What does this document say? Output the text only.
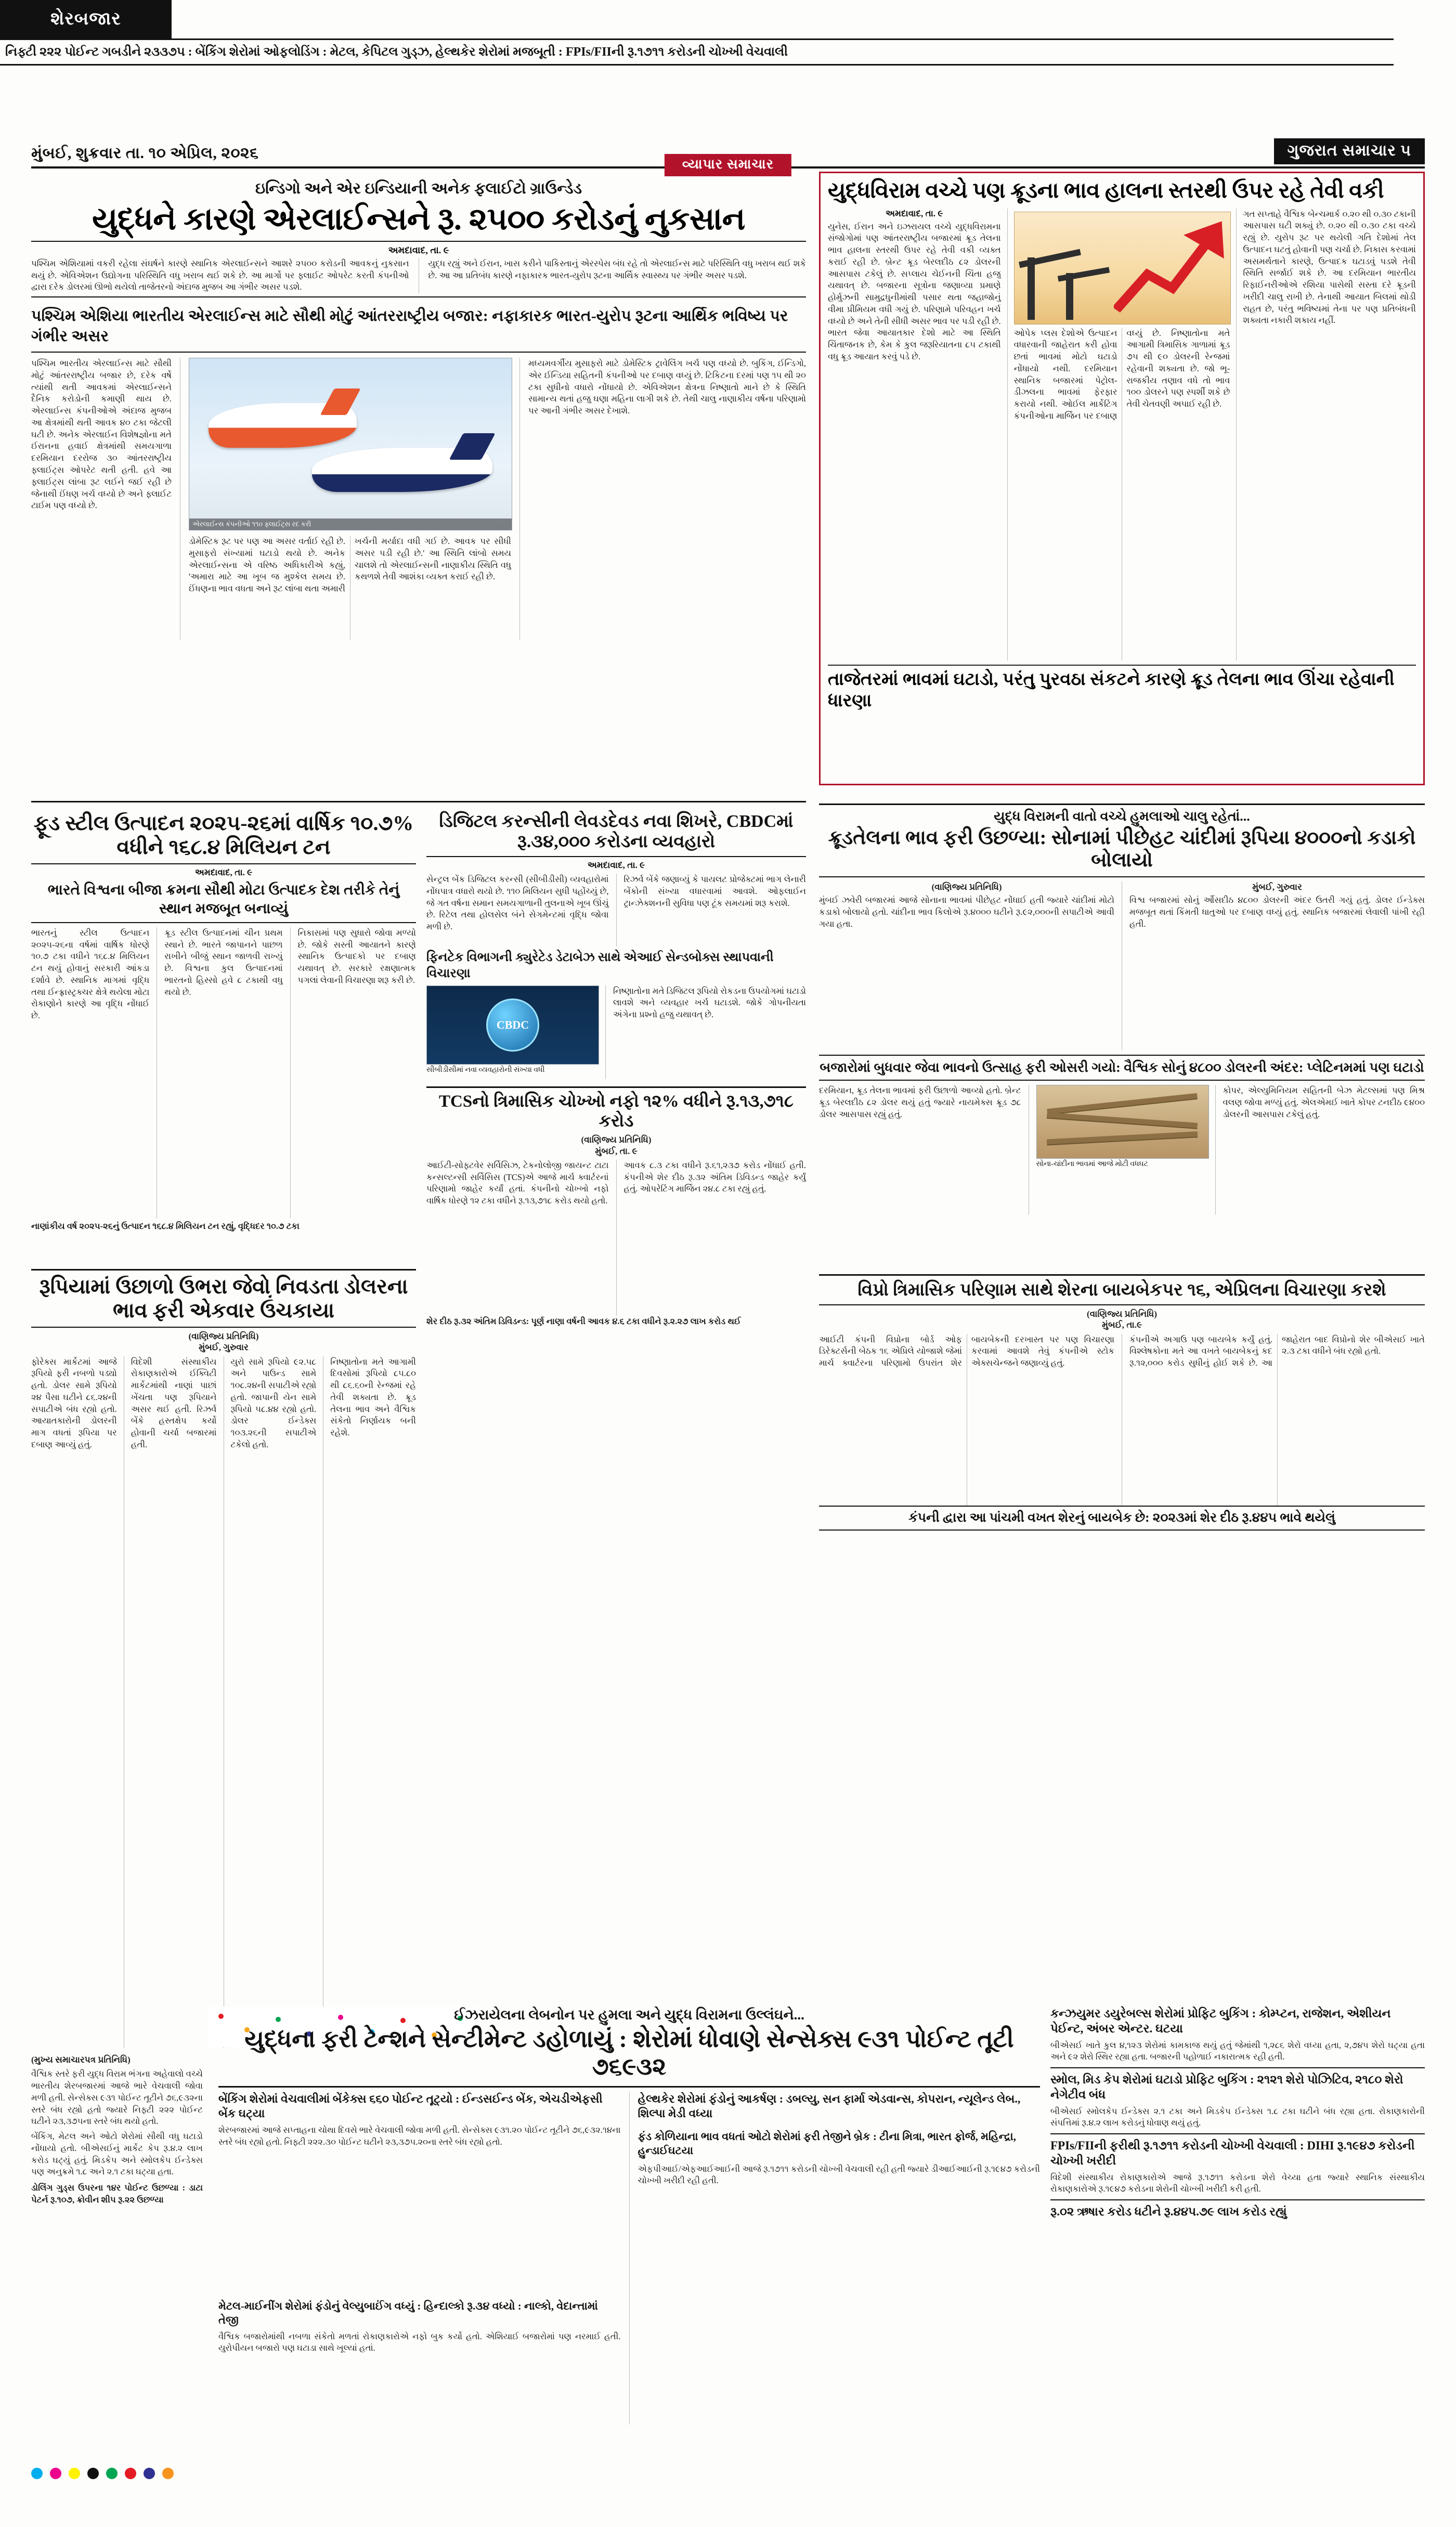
મુંબઈ, શુક્રવાર તા. ૧૦ એપ્રિલ, ૨૦૨૬	ગુજરાત સમાચાર ૫
વ્યાપાર સમાચાર
ઇન્ડિગો અને એર ઇન્ડિયાની અનેક ફલાઈટો ગ્રાઉન્ડેડ
યુદ્ધને કારણે એરલાઈન્સને રૂ. ૨૫૦૦ કરોડનું નુકસાન
અમદાવાદ, તા. ૯
પશ્ચિમ એશિયામાં વકરી રહેલા સંઘર્ષને કારણે સ્થાનિક એરલાઈન્સને આશરે ૨૫૦૦ કરોડની આવકનું નુકસાન થયું છે. એવિએશન ઉદ્યોગના પરિસ્થિતિ વધુ ખરાબ થઈ શકે છે. આ માર્ગો પર ફ્લાઈટ ઓપરેટ કરતી કંપનીઓ દ્વારા દરેક ડોલરમાં ઊભો થયેલો તાજેતરનો અંદાજ મુજબ આ ગંભીર અસર પડશે.
યુદ્ધ રહ્યું અને ઈરાન, ખાસ કરીને પાકિસ્તાનું એરસ્પેસ બંધ રહે તો એરલાઈન્સ માટે પરિસ્થિતિ વધુ ખરાબ થઈ શકે છે. આ આ પ્રતિબંધ કારણે નફાકારક ભારત-યુરોપ રૂટના આર્થિક સ્વાસ્થ્ય પર ગંભીર અસર પડશે.
પશ્ચિમ એશિયા ભારતીય એરલાઈન્સ માટે સૌથી મોટું આંતરરાષ્ટ્રીય બજાર: નફાકારક ભારત-યુરોપ રૂટના આર્થિક ભવિષ્ય પર ગંભીર અસર
પશ્ચિમ ભારતીય એરલાઈન્સ માટે સૌથી મોટું આંતરરાષ્ટ્રીય બજાર છે, દરેક વર્ષે ત્યાંથી થતી આવકમાં એરલાઈન્સને દૈનિક કરોડોની કમાણી થાય છે. એરલાઈન્સ કંપનીઓએ અંદાજ મુજબ આ ક્ષેત્રમાંથી થતી આવક ૪૦ ટકા જેટલી ઘટી છે. અનેક એરલાઈન વિશેષજ્ઞોના મતે ઈરાનના હવાઈ ક્ષેત્રમાંથી સમયગાળા દરમિયાન દરરોજ ૩૦ આંતરરાષ્ટ્રીય ફ્લાઈટ્સ ઓપરેટ થતી હતી. હવે આ ફ્લાઈટ્સ લાંબા રૂટ લઈને જઈ રહી છે જેનાથી ઈંધણ ખર્ચ વધ્યો છે અને ફ્લાઈટ ટાઈમ પણ વધ્યો છે.
એરલાઈન્સ કંપનીઓ ૧૧૦ ફ્લાઈટ્સ રદ કરી
ડોમેસ્ટિક રૂટ પર પણ આ અસર વર્તાઈ રહી છે. મુસાફરો સંખ્યામાં ઘટાડો થયો છે. અનેક એરલાઈન્સના એ વરિષ્ઠ અધિકારીએ કહ્યું, 'અમારા માટે આ ખૂબ જ મુશ્કેલ સમય છે. ઈંધણના ભાવ વધતા અને રૂટ લાંબા થતા અમારી ખર્ચની મર્યાદા વધી ગઈ છે. આવક પર સીધી અસર પડી રહી છે.' આ સ્થિતિ લાંબો સમય ચાલશે તો એરલાઈન્સની નાણાકીય સ્થિતિ વધુ કથળશે તેવી આશંકા વ્યક્ત કરાઈ રહી છે.
મધ્યમવર્ગીય મુસાફરો માટે ડોમેસ્ટિક ટ્રાવેલિંગ ખર્ચ પણ વધ્યો છે. બુકિંગ, ઈન્ડિગો, એર ઈન્ડિયા સહિતની કંપનીઓ પર દબાણ વધ્યું છે. ટિકિટના દરમાં પણ ૧૫ થી ૨૦ ટકા સુધીનો વધારો નોંધાયો છે. એવિએશન ક્ષેત્રના નિષ્ણાતો માને છે કે સ્થિતિ સામાન્ય થતાં હજુ ઘણા મહિના લાગી શકે છે. તેથી ચાલુ નાણાકીય વર્ષના પરિણામો પર આની ગંભીર અસર દેખાશે.
યુદ્ધવિરામ વચ્ચે પણ ક્રૂડના ભાવ હાલના સ્તરથી ઉપર રહે તેવી વકી
અમદાવાદ, તા. ૯
યુનેસ, ઈરાન અને ઇઝરાયલ વચ્ચે યુદ્ધવિરામના સંજોગોમાં પણ આંતરરાષ્ટ્રીય બજારમાં ક્રૂડ તેલના ભાવ હાલના સ્તરથી ઉપર રહે તેવી વકી વ્યક્ત કરાઈ રહી છે. બ્રેન્ટ ક્રૂડ બેરલદીઠ ૮૨ ડોલરની આસપાસ ટકેલું છે. સપ્લાય ચેઈનની ચિંતા હજુ યથાવત્ છે. બજારના સૂત્રોના જણાવ્યા પ્રમાણે હોર્મુઝની સામુદ્રધુનીમાંથી પસાર થતા જહાજોનું વીમા પ્રીમિયમ વધી ગયું છે. પરિણામે પરિવહન ખર્ચ વધ્યો છે અને તેની સીધી અસર ભાવ પર પડી રહી છે. ભારત જેવા આયાતકાર દેશો માટે આ સ્થિતિ ચિંતાજનક છે, કેમ કે કુલ જરૂરિયાતના ૮૫ ટકાથી વધુ ક્રૂડ આયાત કરવું પડે છે.
ઓપેક પ્લસ દેશોએ ઉત્પાદન વધારવાની જાહેરાત કરી હોવા છતાં ભાવમાં મોટો ઘટાડો નોંધાયો નથી. દરમિયાન સ્થાનિક બજારમાં પેટ્રોલ-ડીઝલના ભાવમાં ફેરફાર કરાયો નથી. ઓઈલ માર્કેટિંગ કંપનીઓના માર્જિન પર દબાણ વધ્યું છે. નિષ્ણાતોના મતે આગામી ત્રિમાસિક ગાળામાં ક્રૂડ ૭૫ થી ૯૦ ડોલરની રેન્જમાં રહેવાની શક્યતા છે. જો ભૂ-રાજકીય તણાવ વધે તો ભાવ ૧૦૦ ડોલરને પણ સ્પર્શી શકે છે તેવી ચેતવણી અપાઈ રહી છે.
ગત સપ્તાહે વૈશ્વિક બેન્ચમાર્ક ૦.૨૦ થી ૦.૩૦ ટકાની આસપાસ ઘટી શક્યું છે. ૦.૨૦ થી ૦.૩૦ ટકા વચ્ચે રહ્યું છે. યુરોપ રૂટ પર થયેલી ગતિ દેશોમાં તેલ ઉત્પાદન ઘટતું હોવાની પણ ચર્ચા છે. નિકાસ કરવામાં અસમર્થતાને કારણે, ઉત્પાદક ઘટાડવું પડશે તેવી સ્થિતિ સર્જાઈ શકે છે. આ દરમિયાન ભારતીય રિફાઈનરીઓએ રશિયા પાસેથી સસ્તા દરે ક્રૂડની ખરીદી ચાલુ રાખી છે. તેનાથી આયાત બિલમાં થોડી રાહત છે, પરંતુ ભવિષ્યમાં તેના પર પણ પ્રતિબંધની શક્યતા નકારી શકાય નહીં.
તાજેતરમાં ભાવમાં ઘટાડો, પરંતુ પુરવઠા સંકટને કારણે ક્રૂડ તેલના ભાવ ઊંચા રહેવાની ધારણા
ફૂડ સ્ટીલ ઉત્પાદન ૨૦૨૫-૨૬માં વાર્ષિક ૧૦.૭% વધીને ૧૬૮.૪ મિલિયન ટન
અમદાવાદ, તા. ૯
ભારતે વિશ્વના બીજા ક્રમના સૌથી મોટા ઉત્પાદક દેશ તરીકે તેનું સ્થાન મજબૂત બનાવ્યું
ભારતનું સ્ટીલ ઉત્પાદન ૨૦૨૫-૨૬ના વર્ષમાં વાર્ષિક ધોરણે ૧૦.૭ ટકા વધીને ૧૬૮.૪ મિલિયન ટન થયું હોવાનું સરકારી આંકડા દર્શાવે છે. સ્થાનિક માગમાં વૃદ્ધિ તથા ઈન્ફ્રાસ્ટ્રક્ચર ક્ષેત્રે થયેલા મોટા રોકાણોને કારણે આ વૃદ્ધિ નોંધાઈ છે.
ક્રૂડ સ્ટીલ ઉત્પાદનમાં ચીન પ્રથમ સ્થાને છે. ભારતે જાપાનને પાછળ રાખીને બીજું સ્થાન જાળવી રાખ્યું છે. વિશ્વના કુલ ઉત્પાદનમાં ભારતનો હિસ્સો હવે ૮ ટકાથી વધુ થયો છે.
નિકાસમાં પણ સુધારો જોવા મળ્યો છે. જોકે સસ્તી આયાતને કારણે સ્થાનિક ઉત્પાદકો પર દબાણ યથાવત્ છે. સરકારે રક્ષણાત્મક પગલાં લેવાની વિચારણા શરૂ કરી છે.
નાણાંકીય વર્ષ ૨૦૨૫-૨૬નું ઉત્પાદન ૧૬૮.૪ મિલિયન ટન રહ્યું, વૃદ્ધિદર ૧૦.૭ ટકા
ડિજિટલ કરન્સીની લેવડદેવડ નવા શિખરે, CBDCમાં રૂ.૩૪,૦૦૦ કરોડના વ્યવહારો
અમદાવાદ, તા. ૯
સેન્ટ્રલ બેંક ડિજિટલ કરન્સી (સીબીડીસી) વ્યવહારોમાં નોંધપાત્ર વધારો થયો છે. ૧૧૦ મિલિયન સુધી પહોંચ્યું છે, જે ગત વર્ષના સમાન સમયગાળાની તુલનાએ ખૂબ ઊંચું છે. રિટેલ તથા હોલસેલ બંને સેગમેન્ટમાં વૃદ્ધિ જોવા મળી છે.
રિઝર્વ બેંકે જણાવ્યું કે પાયલટ પ્રોજેક્ટમાં ભાગ લેનારી બેંકોની સંખ્યા વધારવામાં આવશે. ઓફલાઈન ટ્રાન્ઝેક્શનની સુવિધા પણ ટૂંક સમયમાં શરૂ કરાશે.
ફિનટેક વિભાગની ક્યુરેટેડ ડેટાબેઝ સાથે એઆઈ સેન્ડબોક્સ સ્થાપવાની વિચારણા
CBDC
સીબીડીસીમાં નવા વ્યવહારોની સંખ્યા વધી
નિષ્ણાતોના મતે ડિજિટલ રૂપિયો રોકડના ઉપયોગમાં ઘટાડો લાવશે અને વ્યવહાર ખર્ચ ઘટાડશે. જોકે ગોપનીયતા અંગેના પ્રશ્નો હજુ યથાવત્ છે.
TCSનો ત્રિમાસિક ચોખ્ખો નફો ૧૨% વધીને રૂ.૧૩,૭૧૮ કરોડ
(વાણિજ્ય પ્રતિનિધિ)
મુંબઈ, તા. ૯
આઈટી-સોફ્ટવેર સર્વિસિઝ, ટેકનોલોજી જાયન્ટ ટાટા કન્સલ્ટન્સી સર્વિસિસ (TCS)એ આજે માર્ચ ક્વાર્ટરનાં પરિણામો જાહેર કર્યાં હતાં. કંપનીનો ચોખ્ખો નફો વાર્ષિક ધોરણે ૧૨ ટકા વધીને રૂ.૧૩,૭૧૮ કરોડ થયો હતો.
આવક ૮.૩ ટકા વધીને રૂ.૬૧,૨૩૭ કરોડ નોંધાઈ હતી. કંપનીએ શેર દીઠ રૂ.૩૨ અંતિમ ડિવિડન્ડ જાહેર કર્યું હતું. ઓપરેટિંગ માર્જિન ૨૪.૮ ટકા રહ્યું હતું.
શેર દીઠ રૂ.૩૨ અંતિમ ડિવિડન્ડ: પૂર્ણ નાણા વર્ષની આવક ૪.૬ ટકા વધીને રૂ.૨.૨૭ લાખ કરોડ થઈ
યુદ્ધ વિરામની વાતો વચ્ચે હુમલાઓ ચાલુ રહેતાં...
ક્રૂડતેલના ભાવ ફરી ઉછળ્યા: સોનામાં પીછેહટ ચાંદીમાં રૂપિયા ૪૦૦૦નો કડાકો બોલાયો
(વાણિજ્ય પ્રતિનિધિ)
મુંબઈ ઝવેરી બજારમાં આજે સોનાના ભાવમાં પીછેહટ નોંધાઈ હતી જ્યારે ચાંદીમાં મોટો કડાકો બોલાયો હતો. ચાંદીના ભાવ કિલોએ રૂ.૪૦૦૦ ઘટીને રૂ.૯૨,૦૦૦ની સપાટીએ આવી ગયા હતા.
મુંબઈ, ગુરુવાર
વિશ્વ બજારમાં સોનું ઔંસદીઠ ૪૮૦૦ ડોલરની અંદર ઉતરી ગયું હતું. ડોલર ઈન્ડેક્સ મજબૂત થતાં કિંમતી ધાતુઓ પર દબાણ વધ્યું હતું. સ્થાનિક બજારમાં લેવાલી પાંખી રહી હતી.
બજારોમાં બુધવાર જેવા ભાવનો ઉત્સાહ ફરી ઓસરી ગયો: વૈશ્વિક સોનું ૪૮૦૦ ડોલરની અંદર: પ્લેટિનમમાં પણ ઘટાડો
દરમિયાન, ક્રૂડ તેલના ભાવમાં ફરી ઉછાળો આવ્યો હતો. બ્રેન્ટ ક્રૂડ બેરલદીઠ ૮૨ ડોલર થયું હતું જ્યારે નાયમેક્સ ક્રૂડ ૭૮ ડોલર આસપાસ રહ્યું હતું.
સોના-ચાંદીના ભાવમાં આજે મોટી વધઘટ
કોપર, એલ્યુમિનિયમ સહિતની બેઝ મેટલ્સમાં પણ મિશ્ર વલણ જોવા મળ્યું હતું. એલએમઈ ખાતે કોપર ટનદીઠ ૯૪૦૦ ડોલરની આસપાસ ટકેલું હતું.
રૂપિયામાં ઉછાળો ઉભરા જેવો નિવડતા ડોલરના ભાવ ફરી એકવાર ઉંચકાયા
(વાણિજ્ય પ્રતિનિધિ)
મુંબઈ, ગુરુવાર
ફોરેક્સ માર્કેટમાં આજે રૂપિયો ફરી નબળો પડ્યો હતો. ડોલર સામે રૂપિયો ૨૪ પૈસા ઘટીને ૮૬.૨૪ની સપાટીએ બંધ રહ્યો હતો. આયાતકારોની ડોલરની માગ વધતાં રૂપિયા પર દબાણ આવ્યું હતું.
વિદેશી સંસ્થાકીય રોકાણકારોએ ઈક્વિટી માર્કેટમાંથી નાણાં પાછાં ખેંચતા પણ રૂપિયાને અસર થઈ હતી. રિઝર્વ બેંકે હસ્તક્ષેપ કર્યો હોવાની ચર્ચા બજારમાં હતી.
યુરો સામે રૂપિયો ૯૨.૫૮ અને પાઉન્ડ સામે ૧૦૮.૨૪ની સપાટીએ રહ્યો હતો. જાપાની યેન સામે રૂપિયો ૫૮.૪૪ રહ્યો હતો. ડોલર ઈન્ડેક્સ ૧૦૩.૨૬ની સપાટીએ ટકેલો હતો.
નિષ્ણાતોના મતે આગામી દિવસોમાં રૂપિયો ૮૫.૮૦ થી ૮૬.૬૦ની રેન્જમાં રહે તેવી શક્યતા છે. ક્રૂડ તેલના ભાવ અને વૈશ્વિક સંકેતો નિર્ણાયક બની રહેશે.
વિપ્રો ત્રિમાસિક પરિણામ સાથે શેરના બાયબેકપર ૧૬, એપ્રિલના વિચારણા કરશે
(વાણિજ્ય પ્રતિનિધિ)
મુંબઈ, તા.૯
આઈટી કંપની વિપ્રોના બોર્ડ ઓફ ડિરેક્ટર્સની બેઠક ૧૬ એપ્રિલે યોજાશે જેમાં માર્ચ ક્વાર્ટરના પરિણામો ઉપરાંત શેર બાયબેકની દરખાસ્ત પર પણ વિચારણા કરવામાં આવશે તેવું કંપનીએ સ્ટોક એક્સચેન્જને જણાવ્યું હતું.
કંપનીએ અગાઉ પણ બાયબેક કર્યું હતું. વિશ્લેષકોના મતે આ વખતે બાયબેકનું કદ રૂ.૧૨,૦૦૦ કરોડ સુધીનું હોઈ શકે છે. આ જાહેરાત બાદ વિપ્રોનો શેર બીએસઈ ખાતે ૨.૩ ટકા વધીને બંધ રહ્યો હતો.
કંપની દ્વારા આ પાંચમી વખત શેરનું બાયબેક છે: ૨૦૨૩માં શેર દીઠ રૂ.૪૪૫ ભાવે થયેલું
શેરબજાર
(મુખ્ય સમાચારપત્ર પ્રતિનિધિ)
વૈશ્વિક સ્તરે ફરી યુદ્ધ વિરામ ભંગના અહેવાલો વચ્ચે ભારતીય શેરબજારમાં આજે ભારે વેચવાલી જોવા મળી હતી. સેન્સેક્સ ૯૩૧ પોઈન્ટ તૂટીને ૭૬,૯૩૨ના સ્તરે બંધ રહ્યો હતો જ્યારે નિફ્ટી ૨૨૨ પોઈન્ટ ઘટીને ૨૩,૩૭૫ના સ્તરે બંધ થયો હતો.
બેંકિંગ, મેટલ અને ઓટો શેરોમાં સૌથી વધુ ઘટાડો નોંધાયો હતો. બીએસઈનું માર્કેટ કેપ રૂ.૪.૨ લાખ કરોડ ઘટ્યું હતું. મિડકેપ અને સ્મોલકેપ ઈન્ડેક્સ પણ અનુક્રમે ૧.૮ અને ૨.૧ ટકા ઘટ્યા હતા.
ડોલિંગ ગુડ્સ ઉપરના ૧૪ર પોઈન્ટ ઉછળ્યા : ડાટા પેટર્ન રૂ.૧૦૭, ક્રોવીન શીપ રૂ.૨૨ ઉછળ્યા
ઈઝરાયેલના લેબનોન પર હુમલા અને યુદ્ધ વિરામના ઉલ્લંઘને...
યુદ્ધના ફરી ટેન્શને સેન્ટીમેન્ટ ડહોળાયું : શેરોમાં ધોવાણે સેન્સેક્સ ૯૩૧ પોઈન્ટ તૂટી ૭૬૯૩૨
બેંકિંગ શેરોમાં વેચવાલીમાં બેંકેક્સ ૬૬૦ પોઈન્ટ તૂટ્યો : ઈન્ડસઈન્ડ બેંક, એચડીએફસી બેંક ઘટ્યા
શેરબજારમાં આજે સપ્તાહના ચોથા દિવસે ભારે વેચવાલી જોવા મળી હતી. સેન્સેક્સ ૯૩૧.૨૦ પોઈન્ટ તૂટીને ૭૬,૯૩૨.૧૪ના સ્તરે બંધ રહ્યો હતો. નિફ્ટી ૨૨૨.૩૦ પોઈન્ટ ઘટીને ૨૩,૩૭૫.૨૦ના સ્તરે બંધ રહ્યો હતો.
મેટલ-માઈનીંગ શેરોમાં ફંડોનું વેલ્યુબાઈંગ વધ્યું : હિન્દાલ્કો રૂ.૩૪ વધ્યો : નાલ્કો, વેદાન્તામાં તેજી
વૈશ્વિક બજારોમાંથી નબળા સંકેતો મળતાં રોકાણકારોએ નફો બુક કર્યો હતો. એશિયાઈ બજારોમાં પણ નરમાઈ હતી. યુરોપીયન બજારો પણ ઘટાડા સાથે ખૂલ્યાં હતાં.
હેલ્થકેર શેરોમાં ફંડોનું આકર્ષણ : ડબલ્યુ, સન ફાર્મા એડવાન્સ, કોપરાન, ન્યૂલેન્ડ લેબ., શિલ્પા મેડી વધ્યા
ફંડ કોળિયાના ભાવ વધતાં ઓટો શેરોમાં ફરી તેજીને બ્રેક : ટીના મિત્રા, ભારત ફોર્જ, મહિન્દ્રા, હુન્ડાઈઘટયા
એફપીઆઈ/એફઆઈઆઈની આજે રૂ.૧૭૧૧ કરોડની ચોખ્ખી વેચવાલી રહી હતી જ્યારે ડીઆઈઆઈની રૂ.૧૯૪૭ કરોડની ચોખ્ખી ખરીદી રહી હતી.
કન્ઝયુમર ડયુરેબલ્સ શેરોમાં પ્રોફિટ બુકિંગ : કોમ્પ્ટન, રાજેશન, એશીયન પેઈન્ટ, અંબર એન્ટર. ઘટયા
બીએસઈ ખાતે કુલ ૪,૧૨૩ શેરોમાં કામકાજ થયું હતું જેમાંથી ૧,૨૮૬ શેરો વધ્યા હતા, ૨,૭૪૫ શેરો ઘટ્યા હતા અને ૯૨ શેરો સ્થિર રહ્યા હતા. બજારની પહોળાઈ નકારાત્મક રહી હતી.
સ્મોલ, મિડ કેપ શેરોમાં ઘટાડો પ્રોફિટ બુકિંગ : ૨૧૨૧ શેરો પોઝિટિવ, ૨૧૮૦ શેરો નેગેટીવ બંધ
બીએસઈ સ્મોલકેપ ઈન્ડેક્સ ૨.૧ ટકા અને મિડકેપ ઈન્ડેક્સ ૧.૮ ટકા ઘટીને બંધ રહ્યા હતા. રોકાણકારોની સંપત્તિમાં રૂ.૪.૨ લાખ કરોડનું ધોવાણ થયું હતું.
FPIs/FIIની ફરીથી રૂ.૧૭૧૧ કરોડની ચોખ્ખી વેચવાલી : DIHI રૂ.૧૯૪૭ કરોડની ચોખ્ખી ખરીદી
વિદેશી સંસ્થાકીય રોકાણકારોએ આજે રૂ.૧૭૧૧ કરોડના શેરો વેચ્યા હતા જ્યારે સ્થાનિક સંસ્થાકીય રોકાણકારોએ રૂ.૧૯૪૭ કરોડના શેરોની ચોખ્ખી ખરીદી કરી હતી.
રૂ.૦૨ ઋષાર કરોડ ધટીને રૂ.૪૪૫.૭૯ લાખ કરોડ રહ્યું
નિફ્ટી ૨૨૨ પોઈન્ટ ગબડીને ૨૩૩૭૫ : બેંકિંગ શેરોમાં ઓફલોડિંગ : મેટલ, કેપિટલ ગુડ્ઝ, હેલ્થકેર શેરોમાં મજબૂતી : FPIs/FIIની રૂ.૧૭૧૧ કરોડની ચોખ્ખી વેચવાલી
